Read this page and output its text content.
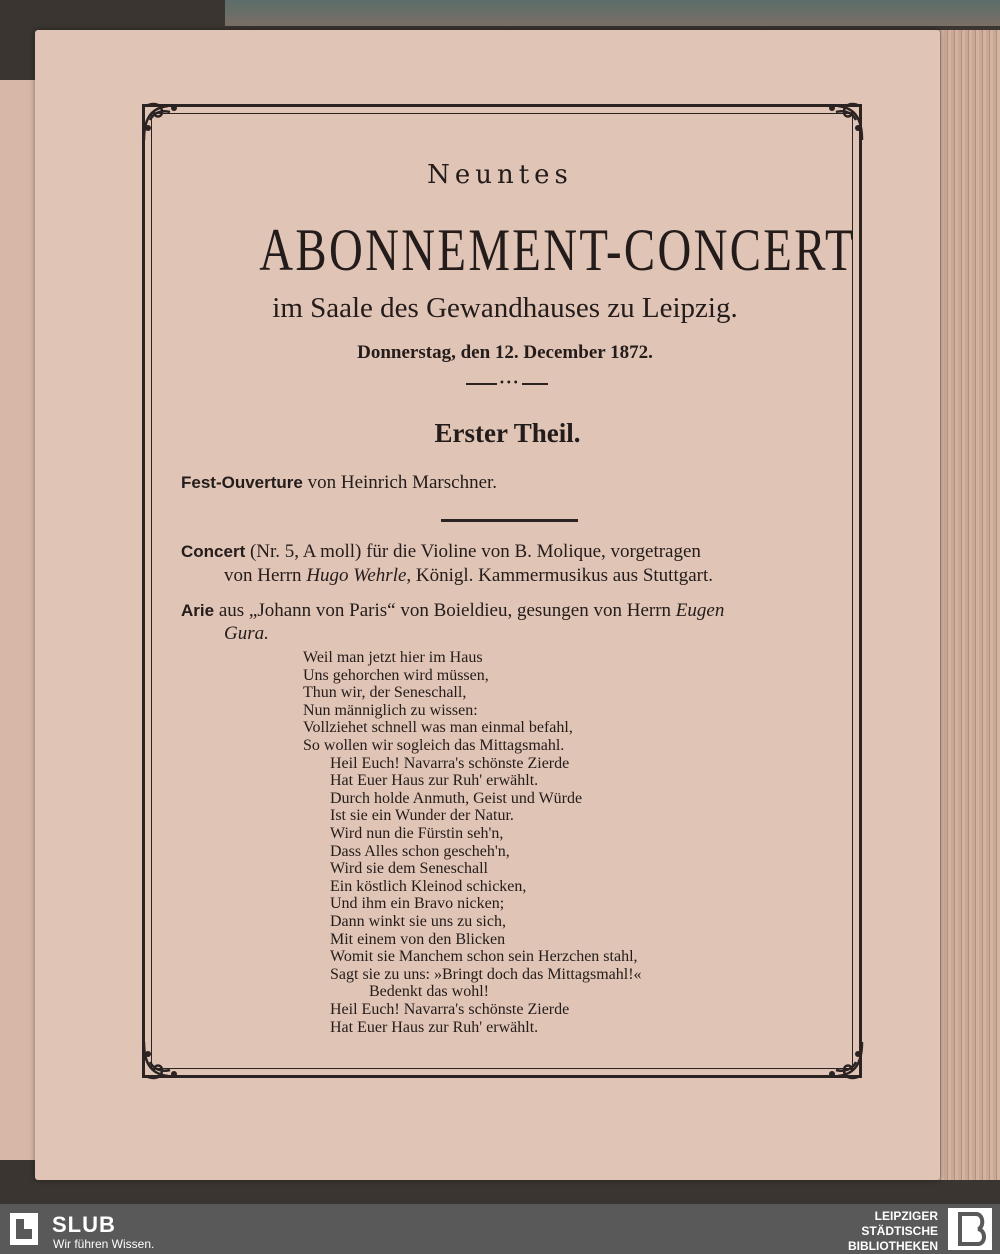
Neuntes
ABONNEMENT-CONCERT
im Saale des Gewandhauses zu Leipzig.
Donnerstag, den 12. December 1872.
•••
Erster Theil.
Fest-Ouverture von Heinrich Marschner.
Concert (Nr. 5, A moll) für die Violine von B. Molique, vorgetragen
von Herrn Hugo Wehrle, Königl. Kammermusikus aus Stuttgart.
Arie aus „Johann von Paris“ von Boieldieu, gesungen von Herrn Eugen
Gura.
Weil man jetzt hier im Haus
Uns gehorchen wird müssen,
Thun wir, der Seneschall,
Nun männiglich zu wissen:
Vollziehet schnell was man einmal befahl,
So wollen wir sogleich das Mittagsmahl.
Heil Euch! Navarra's schönste Zierde
Hat Euer Haus zur Ruh' erwählt.
Durch holde Anmuth, Geist und Würde
Ist sie ein Wunder der Natur.
Wird nun die Fürstin seh'n,
Dass Alles schon gescheh'n,
Wird sie dem Seneschall
Ein köstlich Kleinod schicken,
Und ihm ein Bravo nicken;
Dann winkt sie uns zu sich,
Mit einem von den Blicken
Womit sie Manchem schon sein Herzchen stahl,
Sagt sie zu uns: »Bringt doch das Mittagsmahl!«
Bedenkt das wohl!
Heil Euch! Navarra's schönste Zierde
Hat Euer Haus zur Ruh' erwählt.
SLUB
Wir führen Wissen.
LEIPZIGER
STÄDTISCHE
BIBLIOTHEKEN
